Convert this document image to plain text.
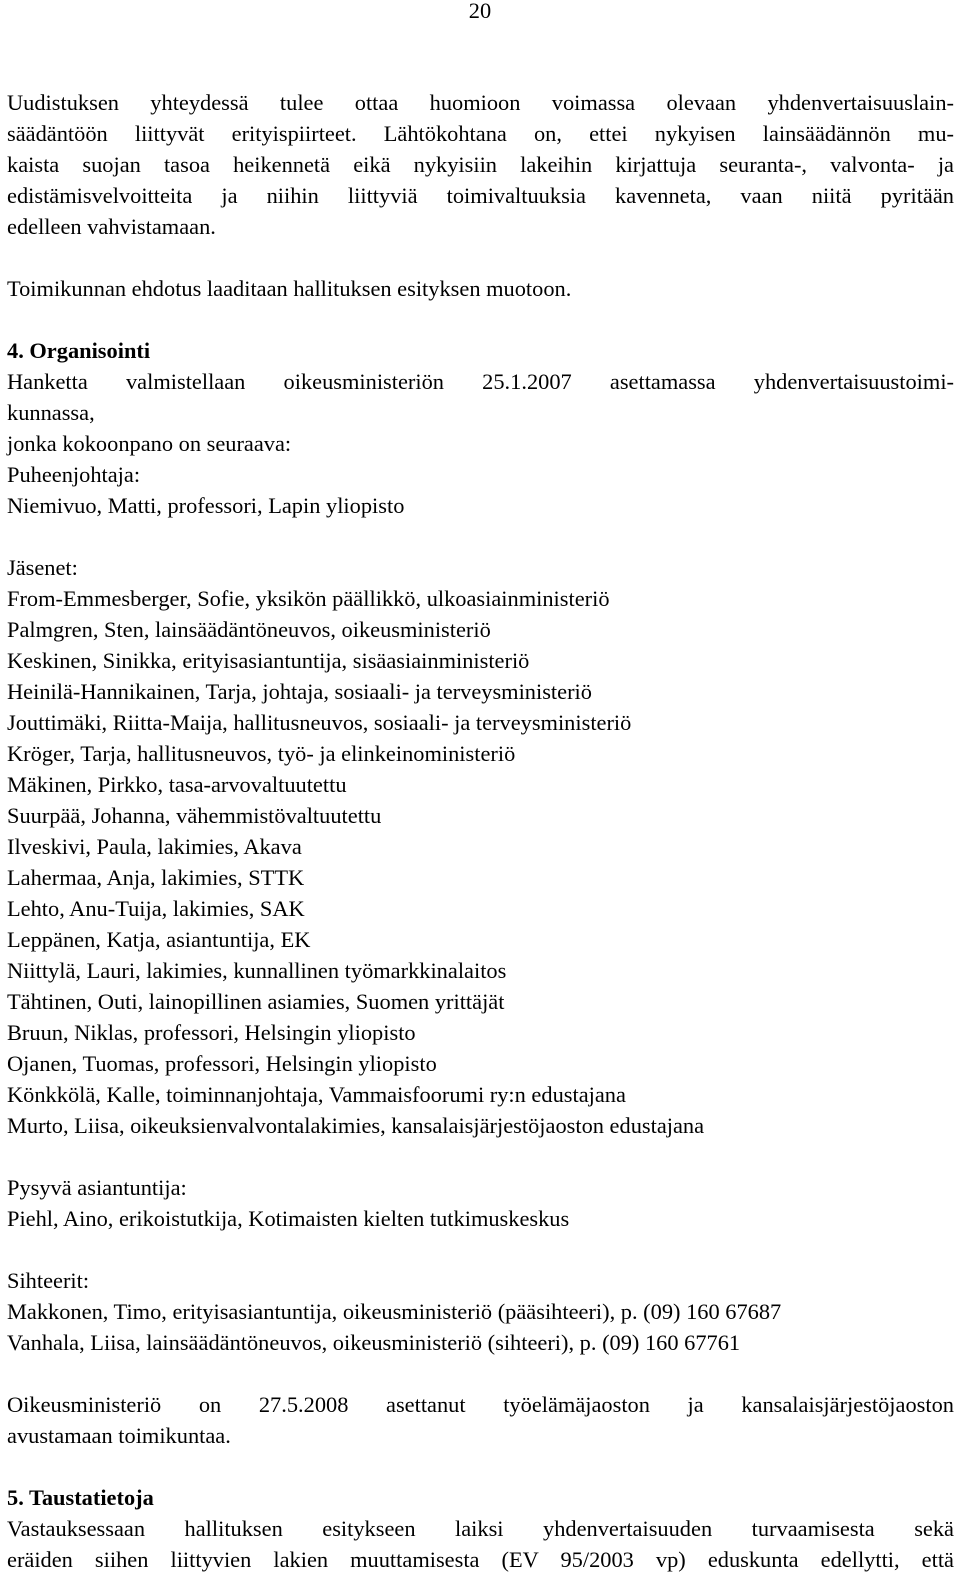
20

Uudistuksen yhteydessä tulee ottaa huomioon voimassa olevaan yhdenvertaisuuslain-

säädäntöön liittyvät erityispiirteet. Lähtökohtana on, ettei nykyisen lainsäädännön mu-

kaista suojan tasoa heikennetä eikä nykyisiin lakeihin kirjattuja seuranta-, valvonta- ja

edistämisvelvoitteita ja niihin liittyviä toimivaltuuksia kavenneta, vaan niitä pyritään

edelleen vahvistamaan.

Toimikunnan ehdotus laaditaan hallituksen esityksen muotoon.

4. Organisointi

Hanketta valmistellaan oikeusministeriön 25.1.2007 asettamassa yhdenvertaisuustoimi-

kunnassa,

jonka kokoonpano on seuraava:

Puheenjohtaja:

Niemivuo, Matti, professori, Lapin yliopisto

Jäsenet:

From-Emmesberger, Sofie, yksikön päällikkö, ulkoasiainministeriö

Palmgren, Sten, lainsäädäntöneuvos, oikeusministeriö

Keskinen, Sinikka, erityisasiantuntija, sisäasiainministeriö

Heinilä-Hannikainen, Tarja, johtaja, sosiaali- ja terveysministeriö

Jouttimäki, Riitta-Maija, hallitusneuvos, sosiaali- ja terveysministeriö

Kröger, Tarja, hallitusneuvos, työ- ja elinkeinoministeriö

Mäkinen, Pirkko, tasa-arvovaltuutettu

Suurpää, Johanna, vähemmistövaltuutettu

Ilveskivi, Paula, lakimies, Akava

Lahermaa, Anja, lakimies, STTK

Lehto, Anu-Tuija, lakimies, SAK

Leppänen, Katja, asiantuntija, EK

Niittylä, Lauri, lakimies, kunnallinen työmarkkinalaitos

Tähtinen, Outi, lainopillinen asiamies, Suomen yrittäjät

Bruun, Niklas, professori, Helsingin yliopisto

Ojanen, Tuomas, professori, Helsingin yliopisto

Könkkölä, Kalle, toiminnanjohtaja, Vammaisfoorumi ry:n edustajana

Murto, Liisa, oikeuksienvalvontalakimies, kansalaisjärjestöjaoston edustajana

Pysyvä asiantuntija:

Piehl, Aino, erikoistutkija, Kotimaisten kielten tutkimuskeskus

Sihteerit:

Makkonen, Timo, erityisasiantuntija, oikeusministeriö (pääsihteeri), p. (09) 160 67687

Vanhala, Liisa, lainsäädäntöneuvos, oikeusministeriö (sihteeri), p. (09) 160 67761

Oikeusministeriö on 27.5.2008 asettanut työelämäjaoston ja kansalaisjärjestöjaoston

avustamaan toimikuntaa.

5. Taustatietoja

Vastauksessaan hallituksen esitykseen laiksi yhdenvertaisuuden turvaamisesta sekä

eräiden siihen liittyvien lakien muuttamisesta (EV 95/2003 vp) eduskunta edellytti, että
